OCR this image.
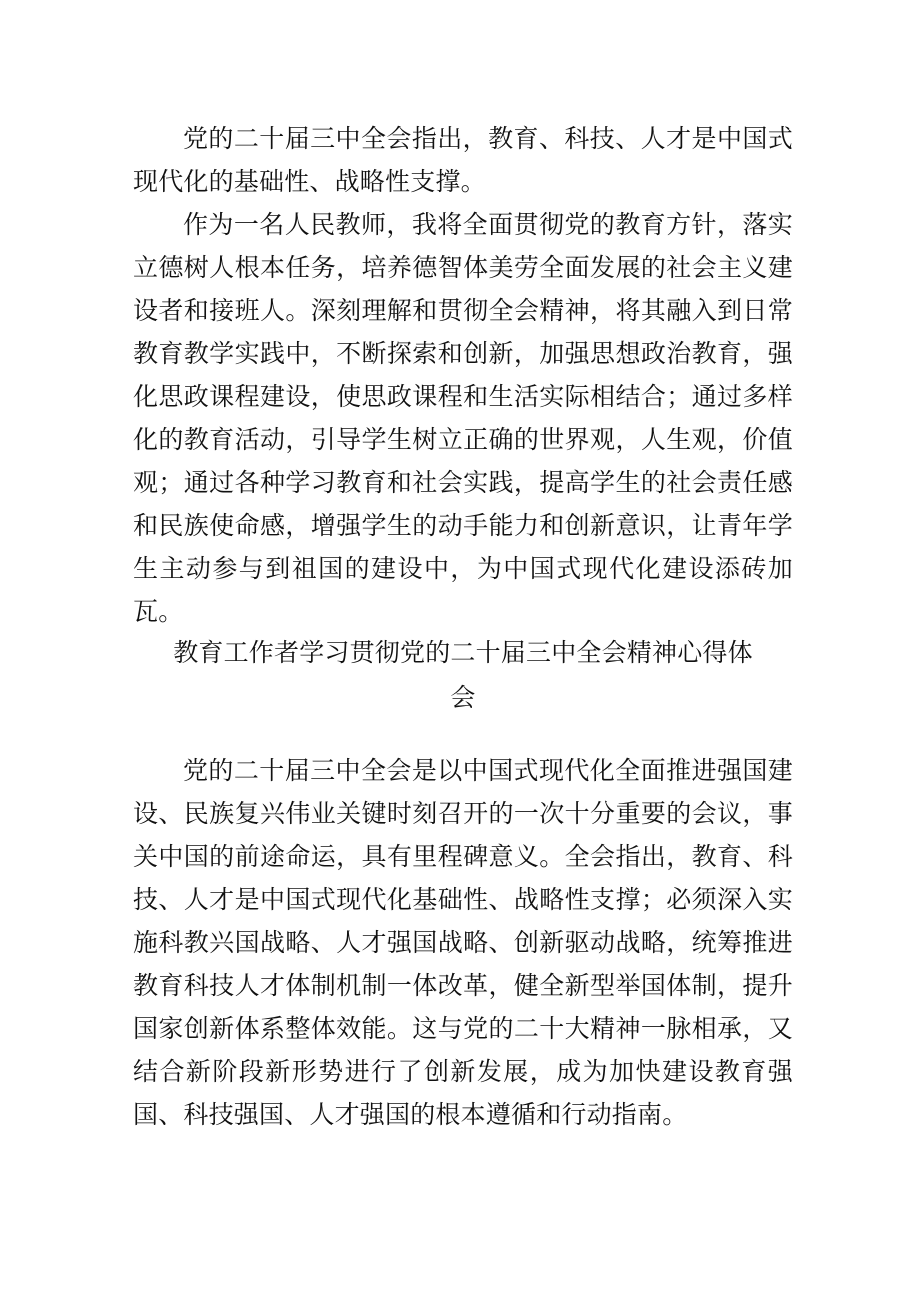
党的二十届三中全会指出，教育、科技、人才是中国式现代化的基础性、战略性支撑。

作为一名人民教师，我将全面贯彻党的教育方针，落实立德树人根本任务，培养德智体美劳全面发展的社会主义建设者和接班人。深刻理解和贯彻全会精神，将其融入到日常教育教学实践中，不断探索和创新，加强思想政治教育，强化思政课程建设，使思政课程和生活实际相结合；通过多样化的教育活动，引导学生树立正确的世界观，人生观，价值观；通过各种学习教育和社会实践，提高学生的社会责任感和民族使命感，增强学生的动手能力和创新意识，让青年学生主动参与到祖国的建设中，为中国式现代化建设添砖加瓦。

教育工作者学习贯彻党的二十届三中全会精神心得体
会

党的二十届三中全会是以中国式现代化全面推进强国建设、民族复兴伟业关键时刻召开的一次十分重要的会议，事关中国的前途命运，具有里程碑意义。全会指出，教育、科技、人才是中国式现代化基础性、战略性支撑；必须深入实施科教兴国战略、人才强国战略、创新驱动战略，统筹推进教育科技人才体制机制一体改革，健全新型举国体制，提升国家创新体系整体效能。这与党的二十大精神一脉相承，又结合新阶段新形势进行了创新发展，成为加快建设教育强国、科技强国、人才强国的根本遵循和行动指南。
